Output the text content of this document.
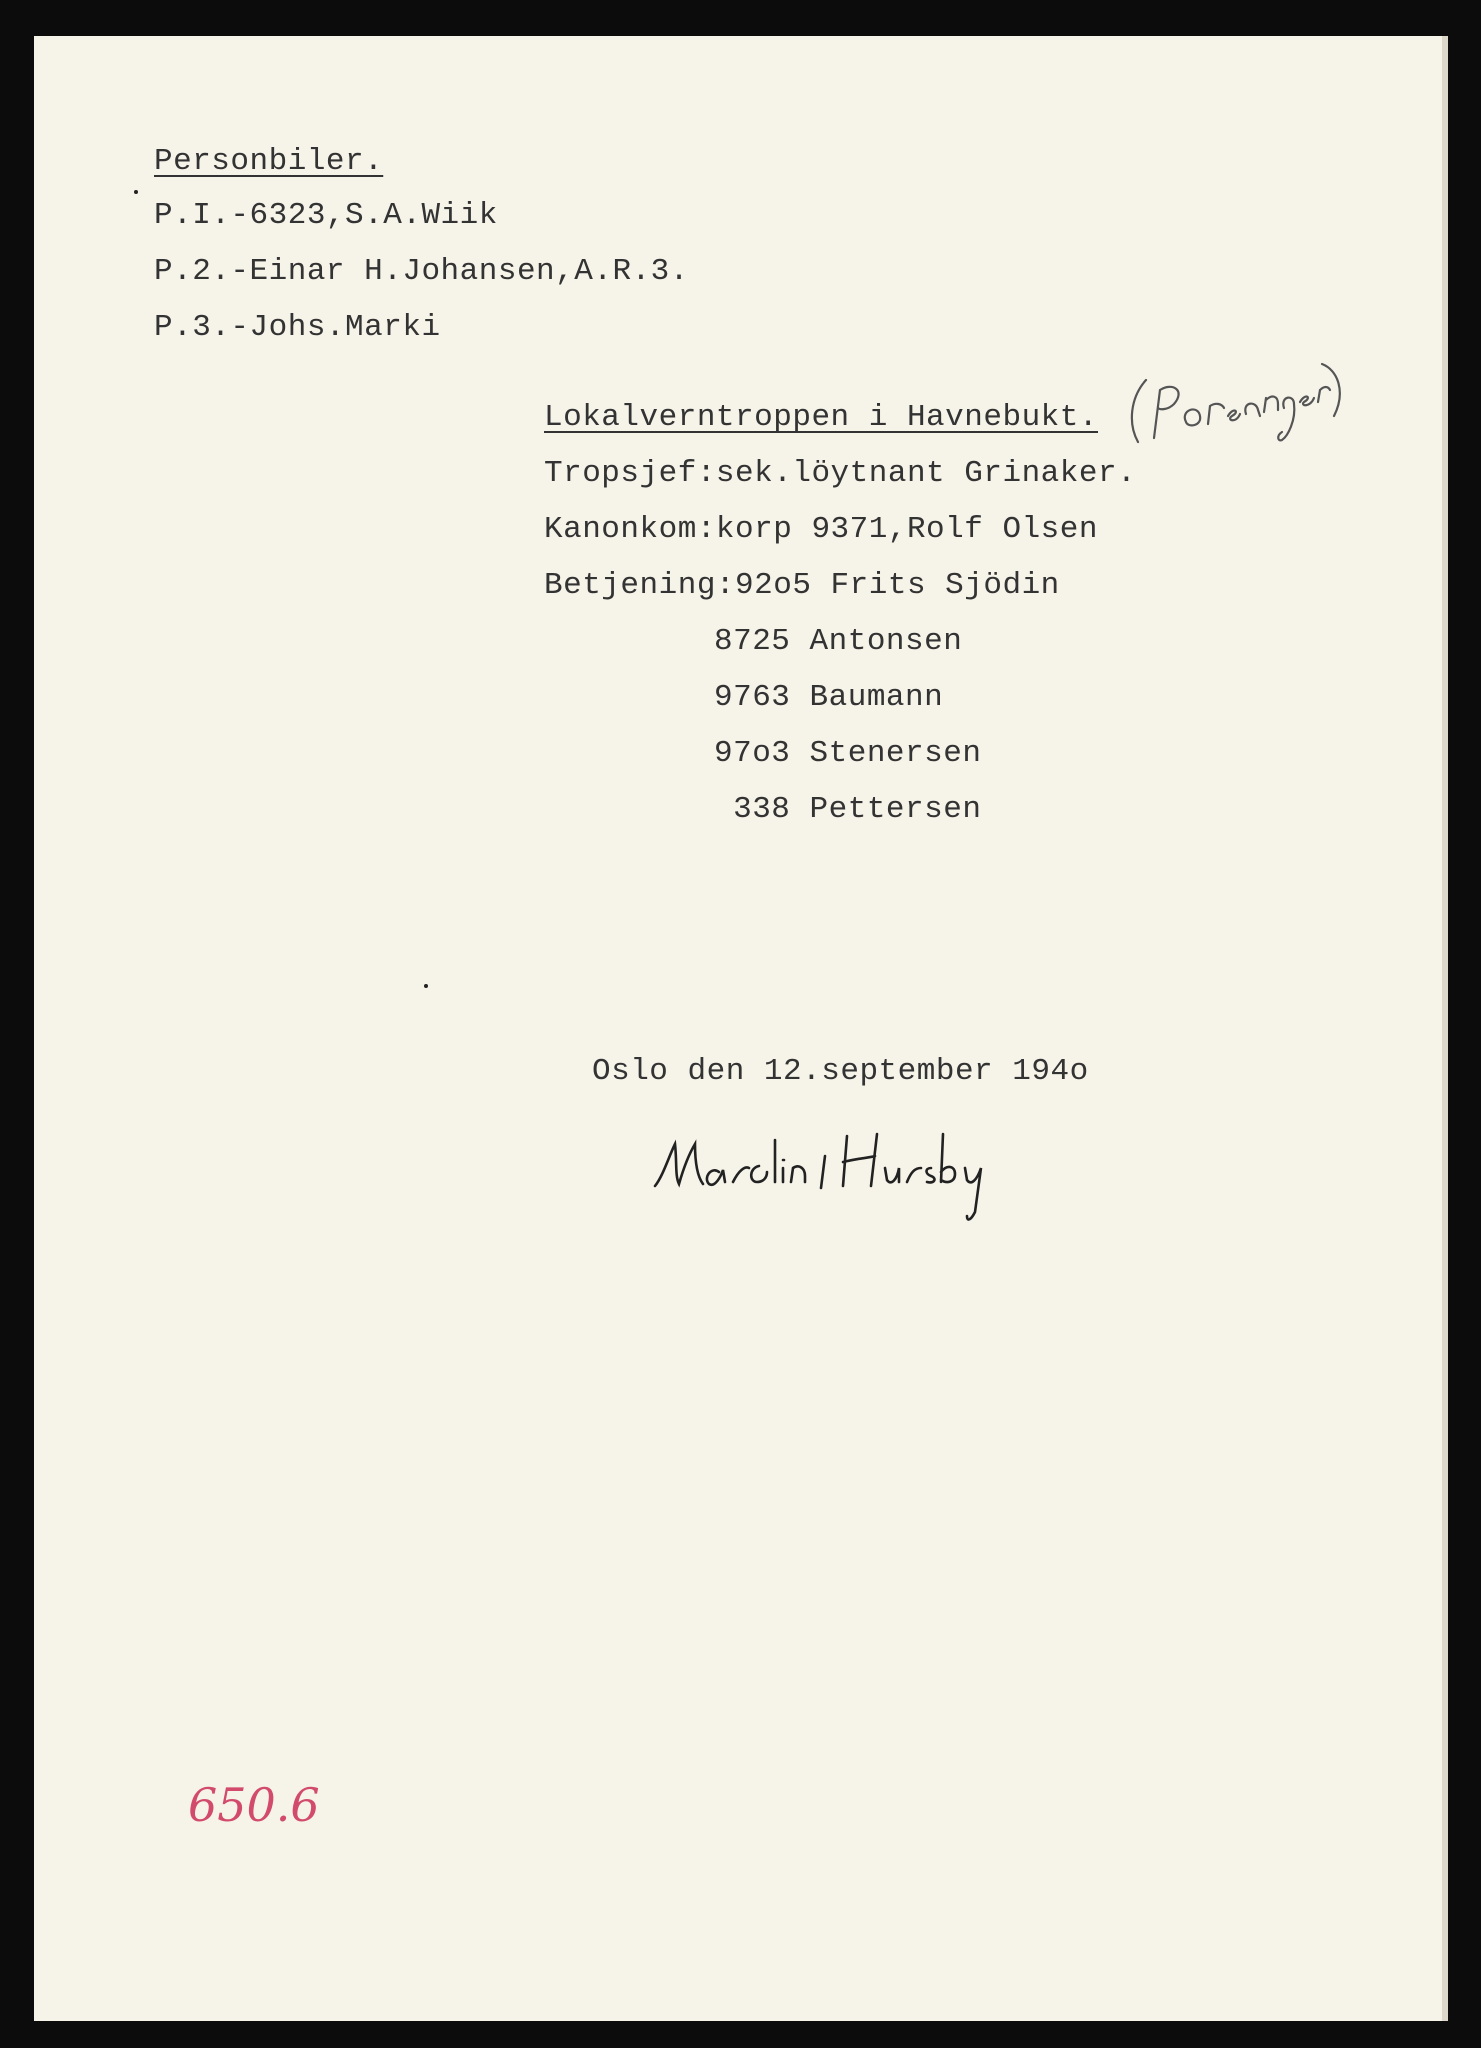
Personbiler.
P.I.-6323,S.A.Wiik
P.2.-Einar H.Johansen,A.R.3.
P.3.-Johs.Marki
Lokalverntroppen i Havnebukt.
Tropsjef:sek.löytnant Grinaker.
Kanonkom:korp 9371,Rolf Olsen
Betjening:92o5 Frits Sjödin
8725 Antonsen
9763 Baumann
97o3 Stenersen
338 Pettersen
Oslo den 12.september 194o
650.6
